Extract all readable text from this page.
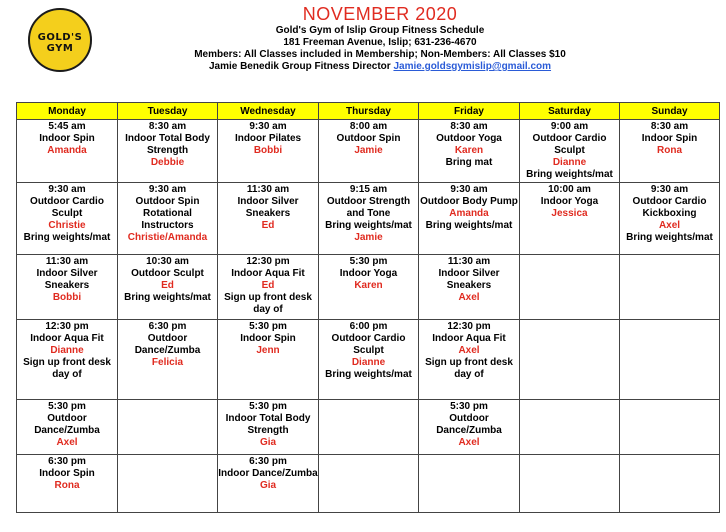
GOLD'S GYM
NOVEMBER 2020
Gold's Gym of Islip Group Fitness Schedule
181 Freeman Avenue, Islip; 631-236-4670
Members: All Classes included in Membership; Non-Members: All Classes $10
Jamie Benedik Group Fitness Director Jamie.goldsgymislip@gmail.com
Monday	Tuesday	Wednesday	Thursday	Friday	Saturday	Sunday

5:45 am
Indoor Spin
Amanda	8:30 am
Indoor Total Body Strength
Debbie	9:30 am
Indoor Pilates
Bobbi	8:00 am
Outdoor Spin
Jamie	8:30 am
Outdoor Yoga
Karen
Bring mat	9:00 am
Outdoor Cardio Sculpt
Dianne
Bring weights/mat	8:30 am
Indoor Spin
Rona

9:30 am
Outdoor Cardio Sculpt
Christie
Bring weights/mat	9:30 am
Outdoor Spin Rotational Instructors
Christie/Amanda	11:30 am
Indoor Silver Sneakers
Ed	9:15 am
Outdoor Strength and Tone
Bring weights/mat
Jamie	9:30 am
Outdoor Body Pump
Amanda
Bring weights/mat	10:00 am
Indoor Yoga
Jessica	9:30 am
Outdoor Cardio Kickboxing
Axel
Bring weights/mat

11:30 am
Indoor Silver Sneakers
Bobbi	10:30 am
Outdoor Sculpt
Ed
Bring weights/mat	12:30 pm
Indoor Aqua Fit
Ed
Sign up front desk day of	5:30 pm
Indoor Yoga
Karen	11:30 am
Indoor Silver Sneakers
Axel		

12:30 pm
Indoor Aqua Fit
Dianne
Sign up front desk day of	6:30 pm
Outdoor Dance/Zumba
Felicia	5:30 pm
Indoor Spin
Jenn	6:00 pm
Outdoor Cardio Sculpt
Dianne
Bring weights/mat	12:30 pm
Indoor Aqua Fit
Axel
Sign up front desk day of		

5:30 pm
Outdoor Dance/Zumba
Axel		5:30 pm
Indoor Total Body Strength
Gia		5:30 pm
Outdoor Dance/Zumba
Axel		

6:30 pm
Indoor Spin
Rona		6:30 pm
Indoor Dance/Zumba
Gia				
